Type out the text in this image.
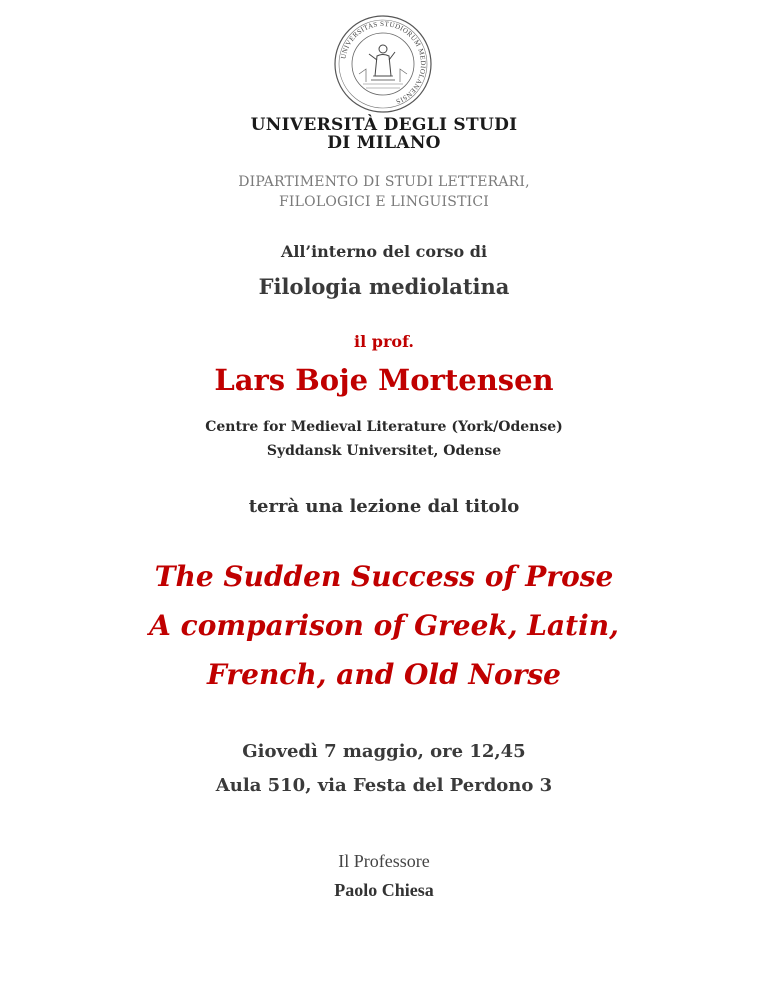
UNIVERSITAS STUDIORUM MEDIOLANENSIS
UNIVERSITÀ DEGLI STUDI
DI MILANO
DIPARTIMENTO DI STUDI LETTERARI,
FILOLOGICI E LINGUISTICI
All’interno del corso di
Filologia mediolatina
il prof.
Lars Boje Mortensen
Centre for Medieval Literature (York/Odense)
Syddansk Universitet, Odense
terrà una lezione dal titolo
The Sudden Success of Prose
A comparison of Greek, Latin,
French, and Old Norse
Giovedì 7 maggio, ore 12,45
Aula 510, via Festa del Perdono 3
Il Professore
Paolo Chiesa
